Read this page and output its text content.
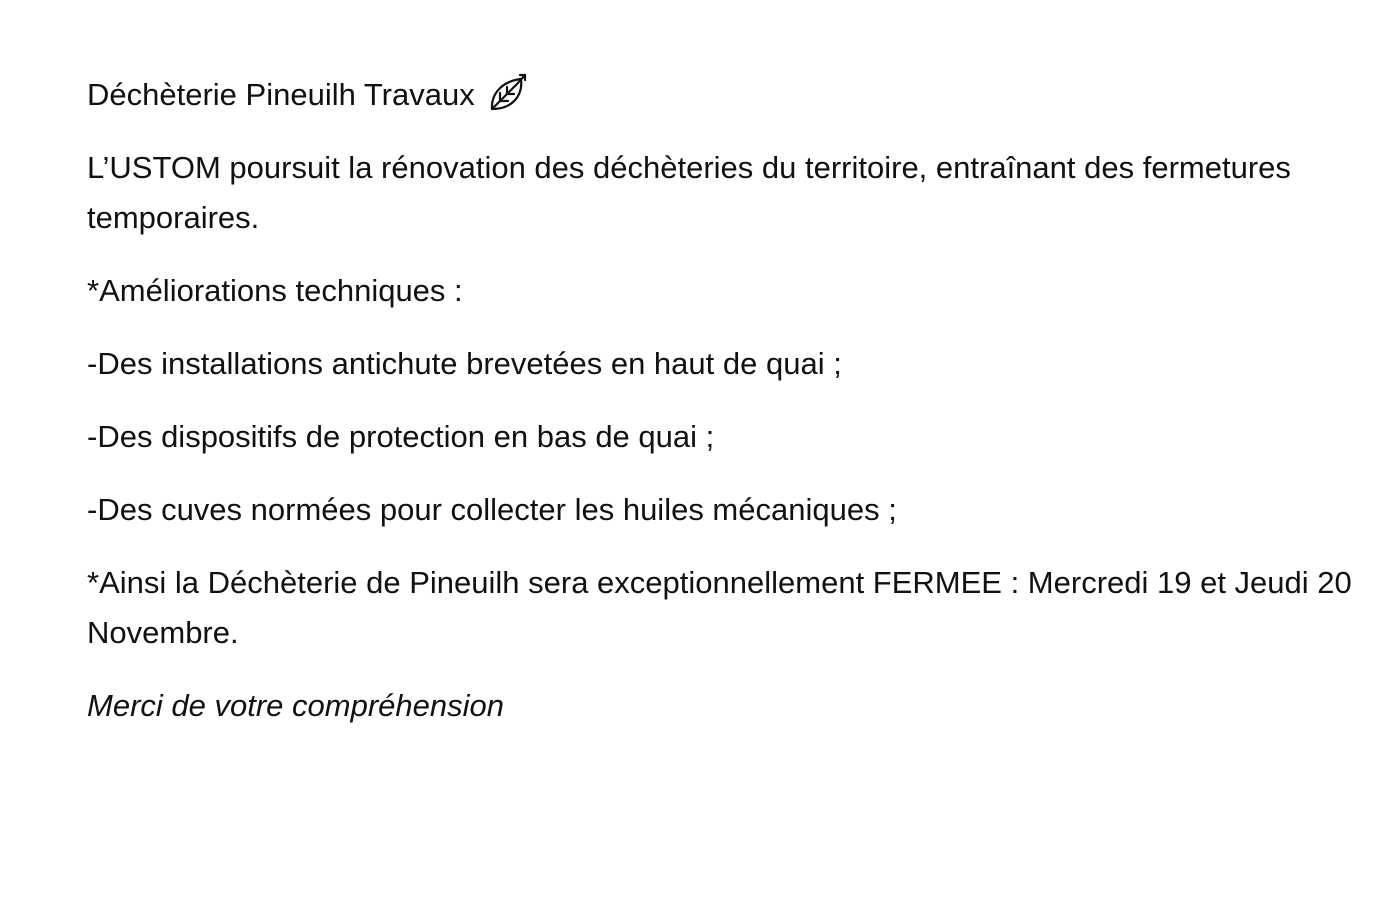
Déchèterie Pineuilh Travaux

L’USTOM poursuit la rénovation des déchèteries du territoire, entraînant des fermetures temporaires.

*Améliorations techniques :

-Des installations antichute brevetées en haut de quai ;

-Des dispositifs de protection en bas de quai ;

-Des cuves normées pour collecter les huiles mécaniques ;

*Ainsi la Déchèterie de Pineuilh sera exceptionnellement FERMEE : Mercredi 19 et Jeudi 20 Novembre.

Merci de votre compréhension
